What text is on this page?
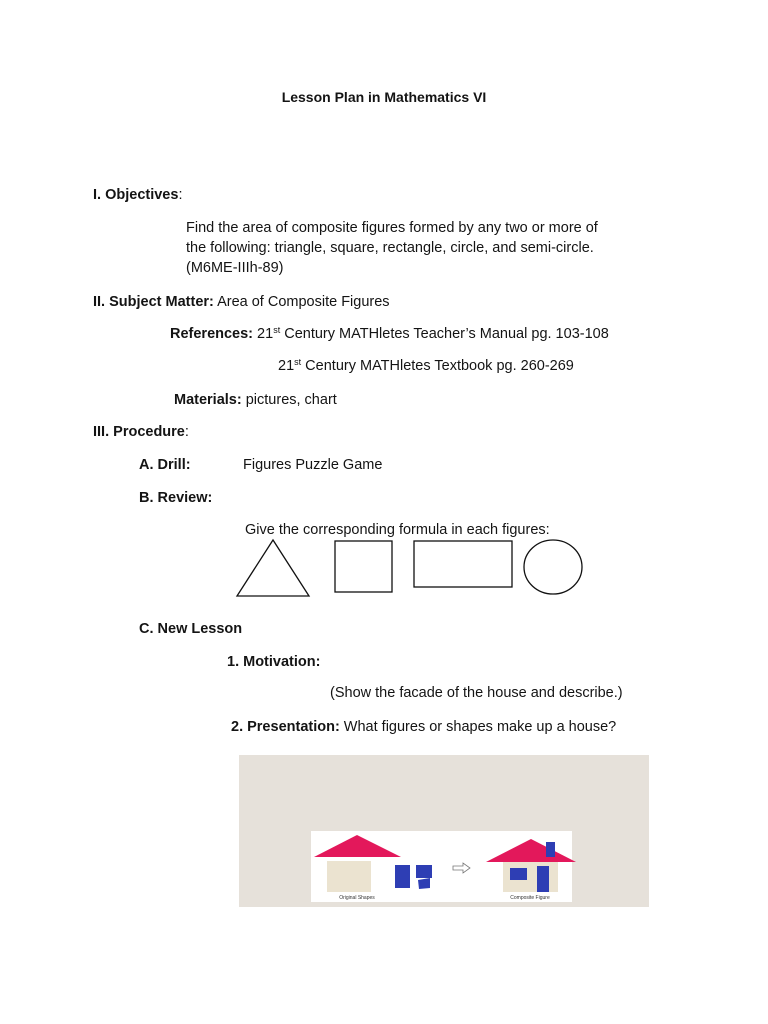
Lesson Plan in Mathematics VI
I. Objectives:
Find the area of composite figures formed by any two or more of
the following: triangle, square, rectangle, circle, and semi-circle.
(M6ME-IIIh-89)
II. Subject Matter: Area of Composite Figures
References: 21st Century MATHletes Teacher’s Manual pg. 103-108
21st Century MATHletes Textbook pg. 260-269
Materials: pictures, chart
III. Procedure:
A. Drill:	Figures Puzzle Game
B. Review:
Give the corresponding formula in each figures:
C. New Lesson
1. Motivation:
(Show the facade of the house and describe.)
2. Presentation: What figures or shapes make up a house?
Original Shapes	Composite Figure
